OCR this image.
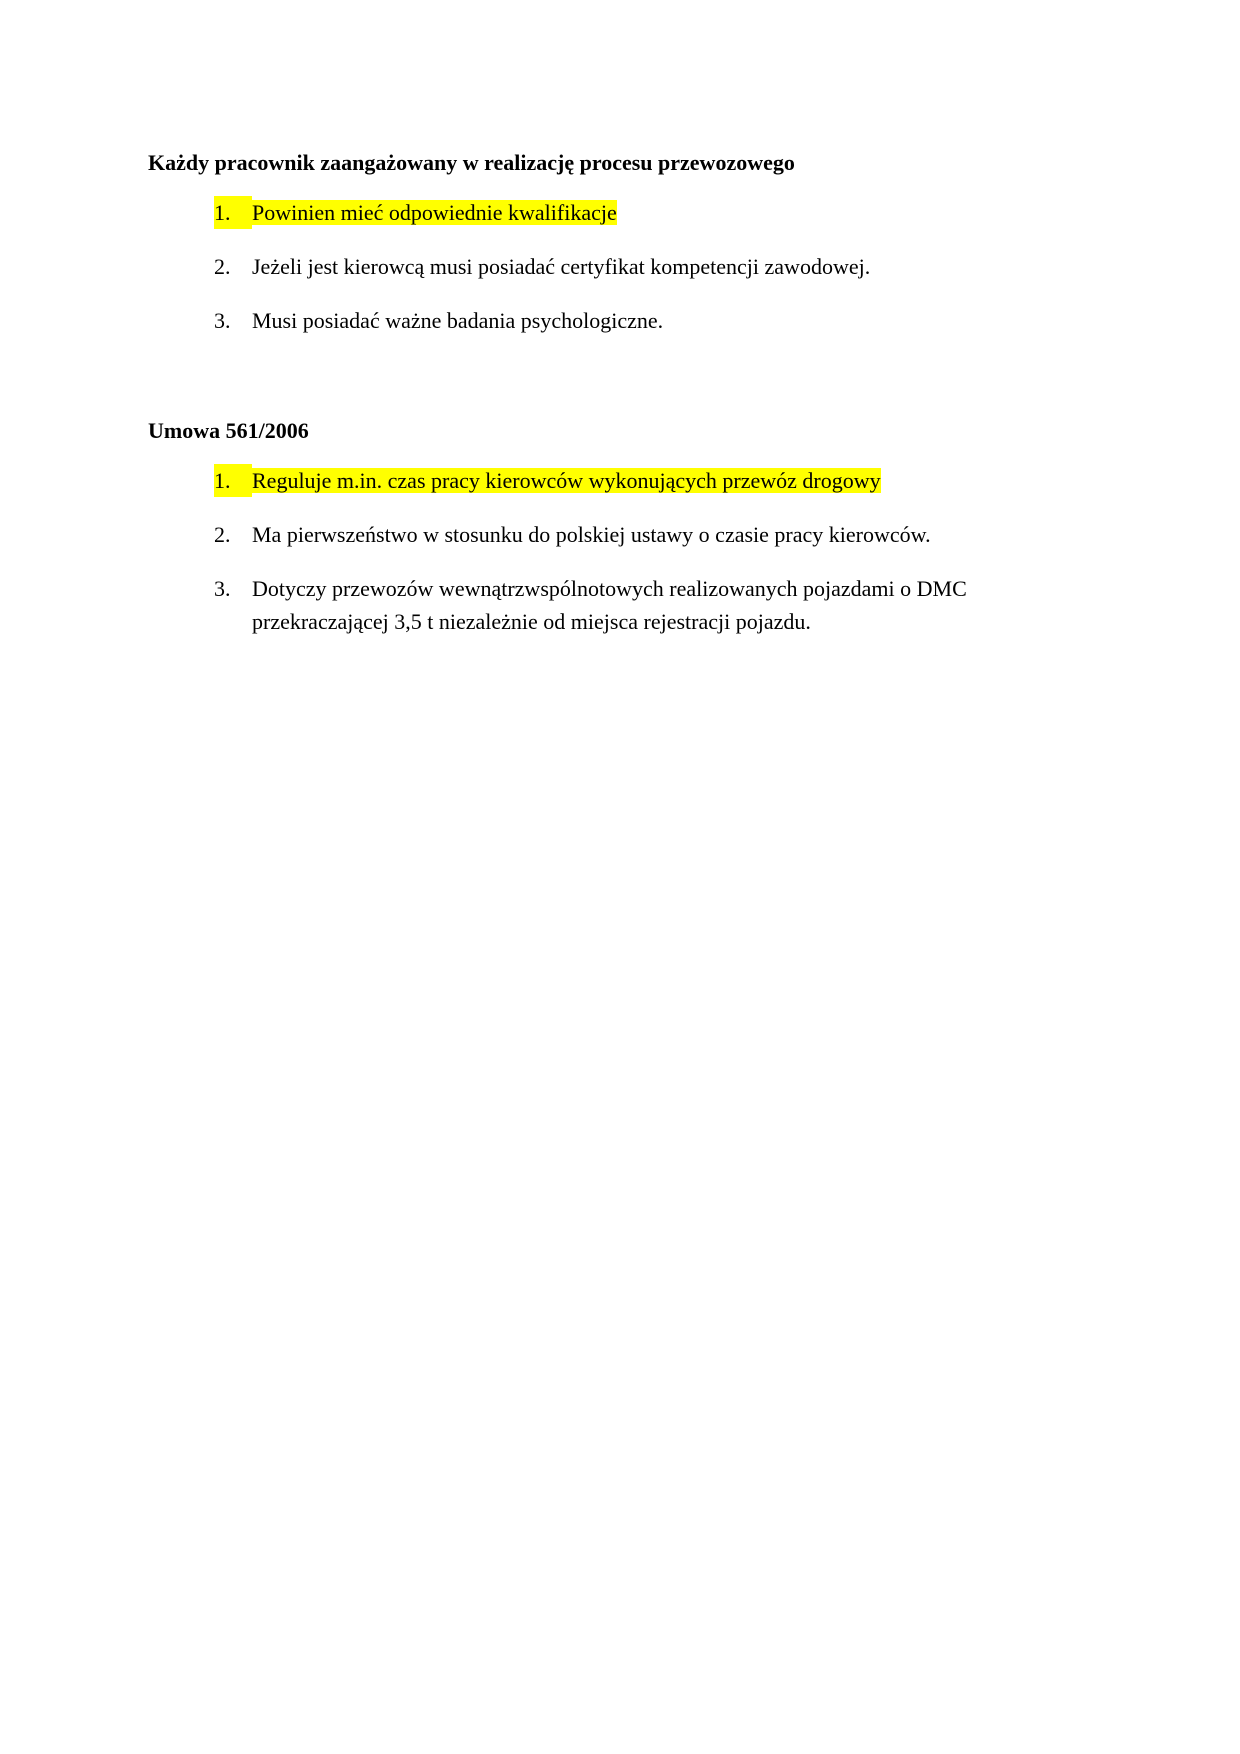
Każdy pracownik zaangażowany w realizację procesu przewozowego

1. Powinien mieć odpowiednie kwalifikacje
2. Jeżeli jest kierowcą musi posiadać certyfikat kompetencji zawodowej.
3. Musi posiadać ważne badania psychologiczne.

Umowa 561/2006

1. Reguluje m.in. czas pracy kierowców wykonujących przewóz drogowy
2. Ma pierwszeństwo w stosunku do polskiej ustawy o czasie pracy kierowców.
3. Dotyczy przewozów wewnątrzwspólnotowych realizowanych pojazdami o DMC przekraczającej 3,5 t niezależnie od miejsca rejestracji pojazdu.
